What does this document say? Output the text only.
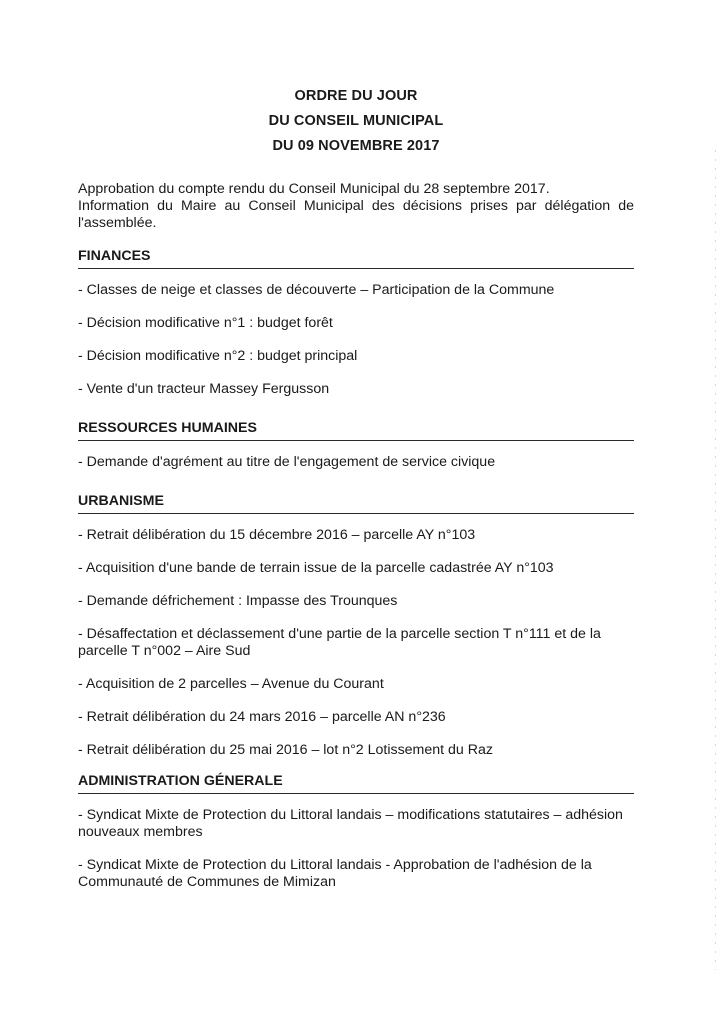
ORDRE DU JOUR
DU CONSEIL MUNICIPAL
DU 09 NOVEMBRE 2017

Approbation du compte rendu du Conseil Municipal du 28 septembre 2017.

Information du Maire au Conseil Municipal des décisions prises par délégation de l'assemblée.

FINANCES
- Classes de neige et classes de découverte – Participation de la Commune
- Décision modificative n°1 : budget forêt
- Décision modificative n°2 : budget principal
- Vente d'un tracteur Massey Fergusson
RESSOURCES HUMAINES
- Demande d'agrément au titre de l'engagement de service civique
URBANISME
- Retrait délibération du 15 décembre 2016 – parcelle AY n°103
- Acquisition d'une bande de terrain issue de la parcelle cadastrée AY n°103
- Demande défrichement : Impasse des Trounques
- Désaffectation et déclassement d'une partie de la parcelle section T n°111 et de la parcelle T n°002 – Aire Sud
- Acquisition de 2 parcelles – Avenue du Courant
- Retrait délibération du 24 mars 2016 – parcelle AN n°236
- Retrait délibération du 25 mai 2016 – lot n°2 Lotissement du Raz
ADMINISTRATION GÉNERALE
- Syndicat Mixte de Protection du Littoral landais – modifications statutaires – adhésion nouveaux membres
- Syndicat Mixte de Protection du Littoral landais - Approbation de l'adhésion de la Communauté de Communes de Mimizan
